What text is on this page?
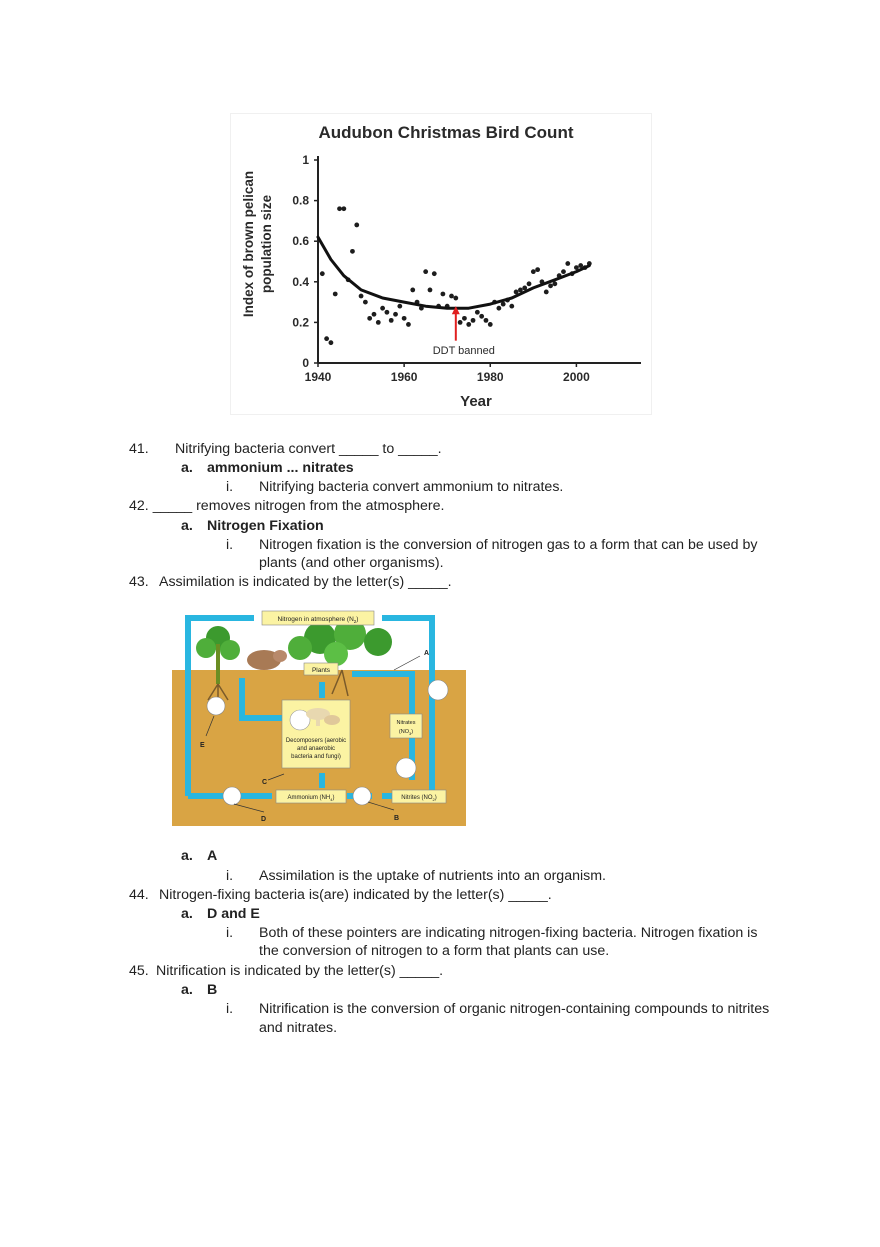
Audubon Christmas Bird Count
Index of brown pelican population size
Year
0
0.2
0.4
0.6
0.8
1
1940	1960	1980	2000
DDT banned
41. Nitrifying bacteria convert _____ to _____.
a. ammonium ... nitrates
i. Nitrifying bacteria convert ammonium to nitrates.
42. _____ removes nitrogen from the atmosphere.
a. Nitrogen Fixation
i. Nitrogen fixation is the conversion of nitrogen gas to a form that can be used by
plants (and other organisms).
43. Assimilation is indicated by the letter(s) _____.
Nitrogen in atmosphere $(N_2)$
Plants
Decomposers (aerobic
and anaerobic
bacteria and fungi)
Nitrates
$(NO_3)$
Ammonium $(NH_4)$	Nitrites $(NO_2)$
A
B
C
D
E
a. A
i. Assimilation is the uptake of nutrients into an organism.
44. Nitrogen-fixing bacteria is(are) indicated by the letter(s) _____.
a. D and E
i. Both of these pointers are indicating nitrogen-fixing bacteria. Nitrogen fixation is
the conversion of nitrogen to a form that plants can use.
45. Nitrification is indicated by the letter(s) _____.
a. B
i. Nitrification is the conversion of organic nitrogen-containing compounds to nitrites
and nitrates.
